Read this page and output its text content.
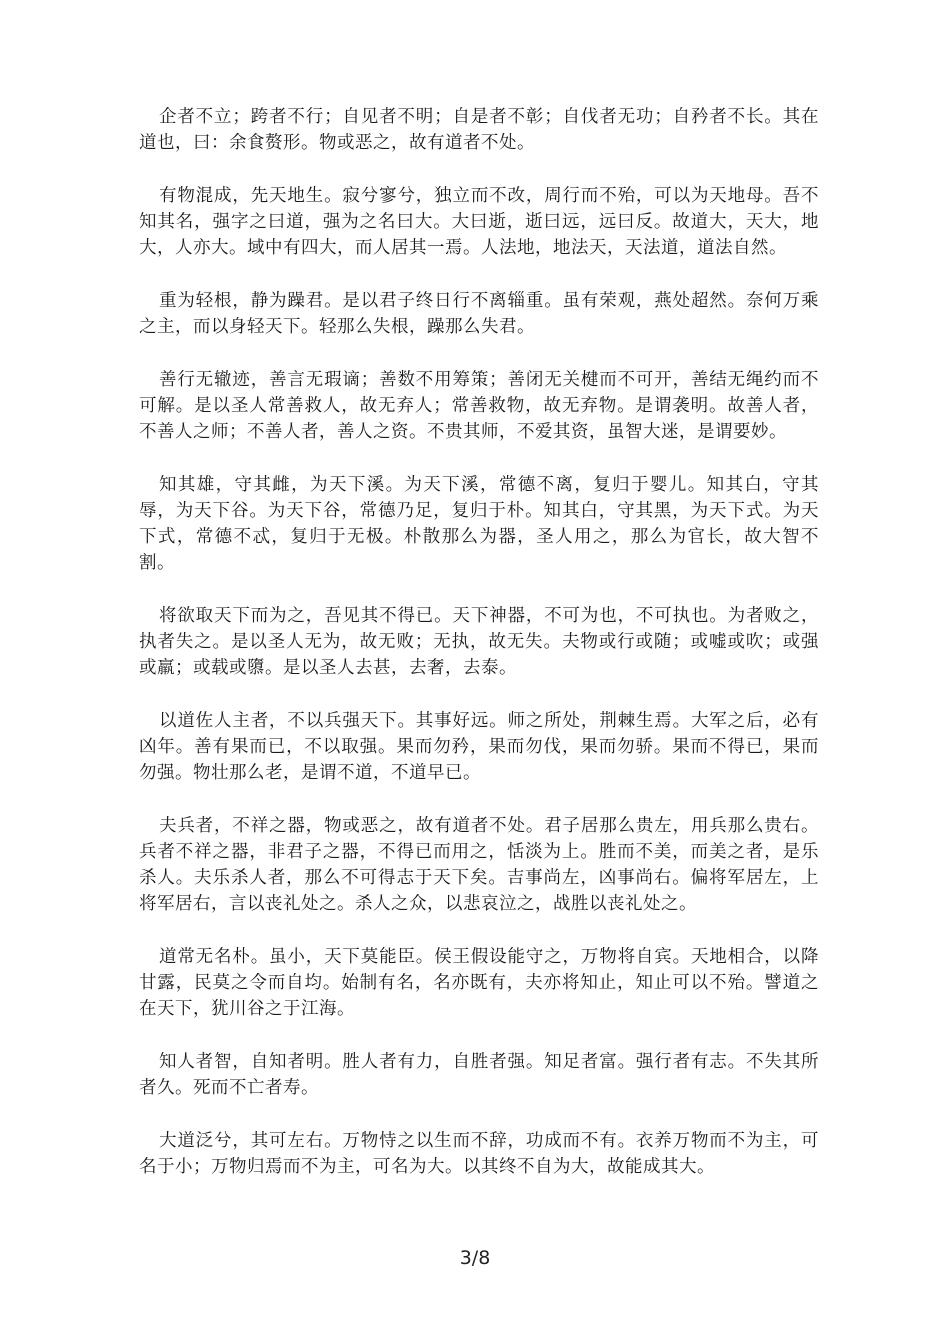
企者不立；跨者不行；自见者不明；自是者不彰；自伐者无功；自矜者不长。其在道也，曰：余食赘形。物或恶之，故有道者不处。

有物混成，先天地生。寂兮寥兮，独立而不改，周行而不殆，可以为天地母。吾不知其名，强字之曰道，强为之名曰大。大曰逝，逝曰远，远曰反。故道大，天大，地大，人亦大。域中有四大，而人居其一焉。人法地，地法天，天法道，道法自然。

重为轻根，静为躁君。是以君子终日行不离辎重。虽有荣观，燕处超然。奈何万乘之主，而以身轻天下。轻那么失根，躁那么失君。

善行无辙迹，善言无瑕谪；善数不用筹策；善闭无关楗而不可开，善结无绳约而不可解。是以圣人常善救人，故无弃人；常善救物，故无弃物。是谓袭明。故善人者，不善人之师；不善人者，善人之资。不贵其师，不爱其资，虽智大迷，是谓要妙。

知其雄，守其雌，为天下溪。为天下溪，常德不离，复归于婴儿。知其白，守其辱，为天下谷。为天下谷，常德乃足，复归于朴。知其白，守其黑，为天下式。为天下式，常德不忒，复归于无极。朴散那么为器，圣人用之，那么为官长，故大智不割。

将欲取天下而为之，吾见其不得已。天下神器，不可为也，不可执也。为者败之，执者失之。是以圣人无为，故无败；无执，故无失。夫物或行或随；或嘘或吹；或强或羸；或载或隳。是以圣人去甚，去奢，去泰。

以道佐人主者，不以兵强天下。其事好远。师之所处，荆棘生焉。大军之后，必有凶年。善有果而已，不以取强。果而勿矜，果而勿伐，果而勿骄。果而不得已，果而勿强。物壮那么老，是谓不道，不道早已。

夫兵者，不祥之器，物或恶之，故有道者不处。君子居那么贵左，用兵那么贵右。兵者不祥之器，非君子之器，不得已而用之，恬淡为上。胜而不美，而美之者，是乐杀人。夫乐杀人者，那么不可得志于天下矣。吉事尚左，凶事尚右。偏将军居左，上将军居右，言以丧礼处之。杀人之众，以悲哀泣之，战胜以丧礼处之。

道常无名朴。虽小，天下莫能臣。侯王假设能守之，万物将自宾。天地相合，以降甘露，民莫之令而自均。始制有名，名亦既有，夫亦将知止，知止可以不殆。譬道之在天下，犹川谷之于江海。

知人者智，自知者明。胜人者有力，自胜者强。知足者富。强行者有志。不失其所者久。死而不亡者寿。

大道泛兮，其可左右。万物恃之以生而不辞，功成而不有。衣养万物而不为主，可名于小；万物归焉而不为主，可名为大。以其终不自为大，故能成其大。

3/8
